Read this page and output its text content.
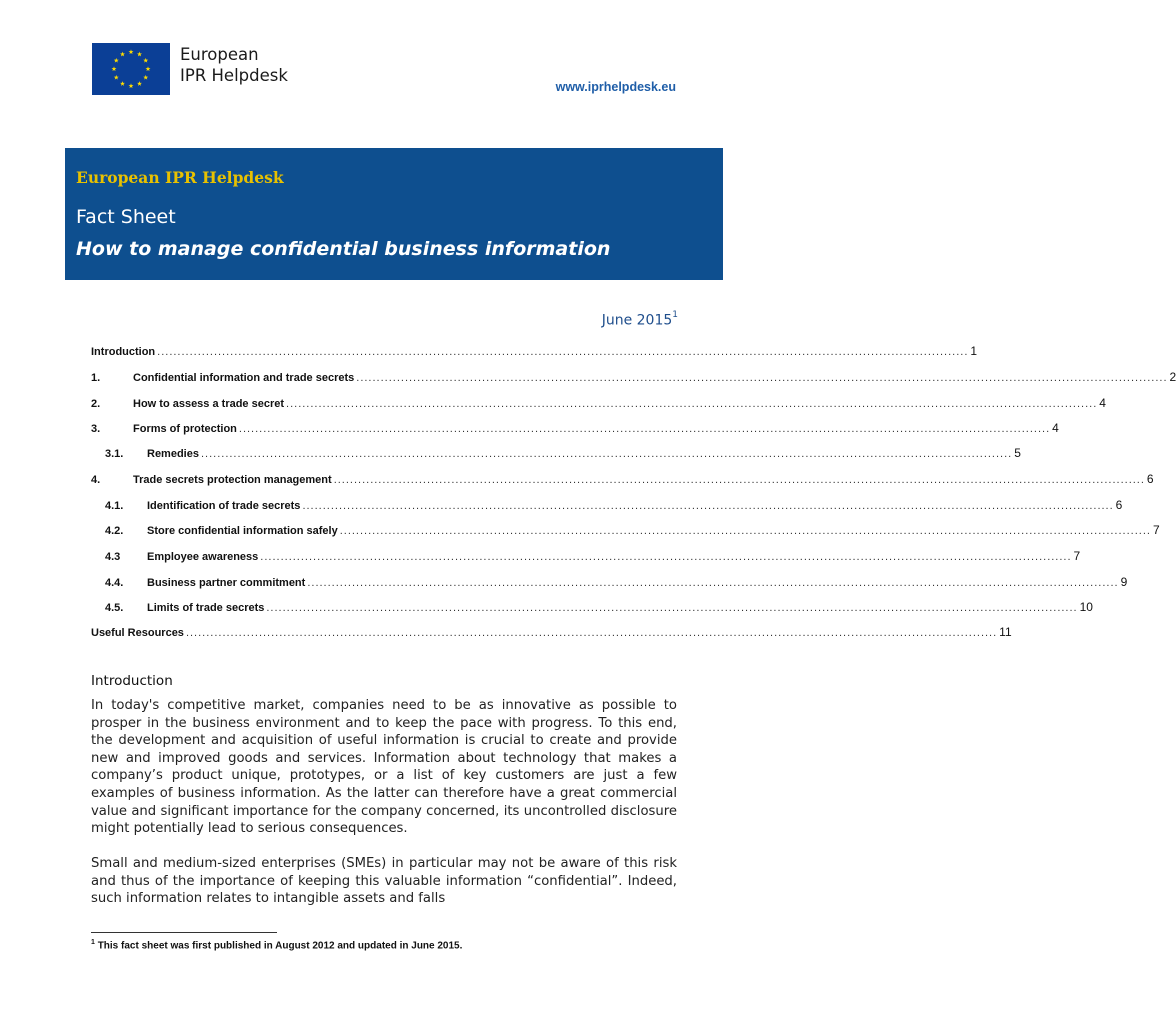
European
IPR Helpdesk
www.iprhelpdesk.eu
European IPR Helpdesk
Fact Sheet
How to manage confidential business information
June 2015$^1$
Introduction ........................................................................................................................................................................................................ 1
1.	Confidential information and trade secrets ........................................................................................................................................................................................................ 2
2.	How to assess a trade secret ........................................................................................................................................................................................................ 4
3.	Forms of protection ........................................................................................................................................................................................................ 4
3.1.	Remedies ........................................................................................................................................................................................................ 5
4.	Trade secrets protection management ........................................................................................................................................................................................................ 6
4.1.	Identification of trade secrets ........................................................................................................................................................................................................ 6
4.2.	Store confidential information safely ........................................................................................................................................................................................................ 7
4.3	Employee awareness ........................................................................................................................................................................................................ 7
4.4.	Business partner commitment ........................................................................................................................................................................................................ 9
4.5.	Limits of trade secrets ........................................................................................................................................................................................................ 10
Useful Resources ........................................................................................................................................................................................................ 11
Introduction
In today's competitive market, companies need to be as innovative as possible to prosper in the business environment and to keep the pace with progress. To this end, the development and acquisition of useful information is crucial to create and provide new and improved goods and services. Information about technology that makes a company’s product unique, prototypes, or a list of key customers are just a few examples of business information. As the latter can therefore have a great commercial value and significant importance for the company concerned, its uncontrolled disclosure might potentially lead to serious consequences.
Small and medium-sized enterprises (SMEs) in particular may not be aware of this risk and thus of the importance of keeping this valuable information “confidential”. Indeed, such information relates to intangible assets and falls
$^1$ This fact sheet was first published in August 2012 and updated in June 2015.
